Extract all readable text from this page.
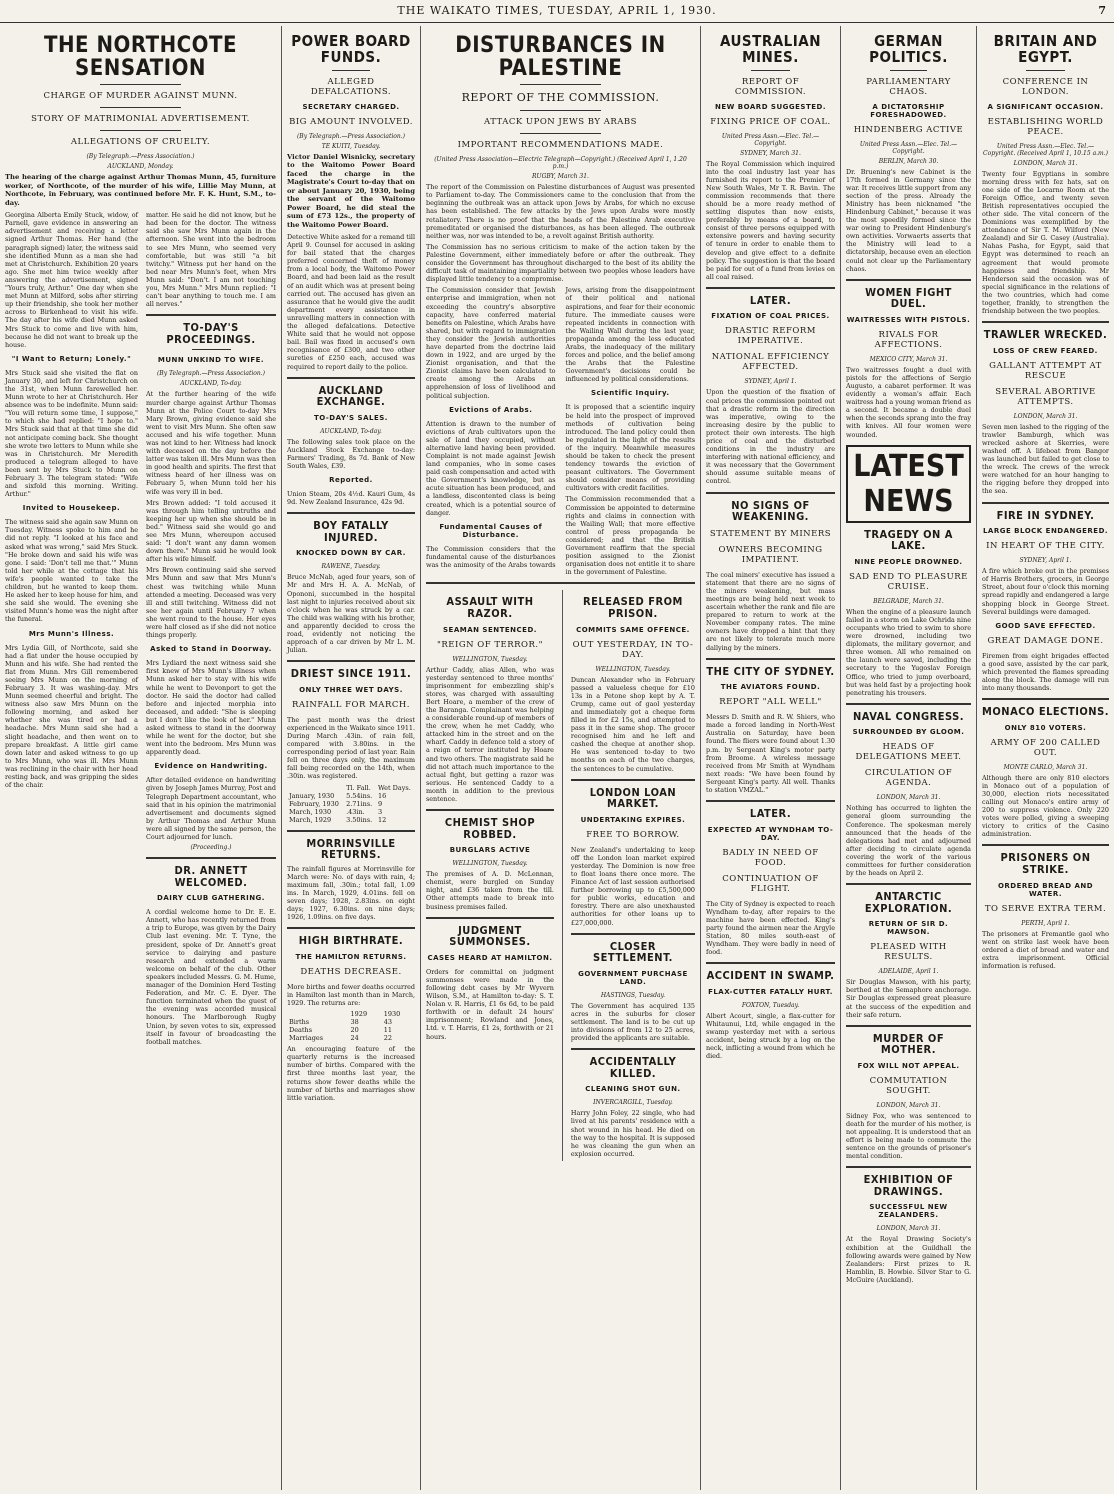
THE WAIKATO TIMES, TUESDAY, APRIL 1, 1930.	7
THE NORTHCOTE SENSATION
CHARGE OF MURDER AGAINST MUNN.
STORY OF MATRIMONIAL ADVERTISEMENT.
ALLEGATIONS OF CRUELTY.
(By Telegraph.—Press Association.)
AUCKLAND, Monday.
The hearing of the charge against Arthur Thomas Munn, 45, furniture worker, of Northcote, of the murder of his wife, Lillie May Munn, at Northcote, in February, was continued before Mr. F. K. Hunt, S.M., to-day.
Georgina Alberta Emily Stuck, widow, of Parnell, gave evidence in answering an advertisement and receiving a letter signed Arthur Thomas. Her hand (the paragraph signed) later, the witness said she identified Munn as a man she had met at Christchurch. Exhibition 20 years ago. She met him twice weekly after answering the advertisement, signed "Yours truly, Arthur." One day when she met Munn at Milford, sobs after stirring up their friendship, she took her mother across to Birkenhead to visit his wife. The day after his wife died Munn asked Mrs Stuck to come and live with him, because he did not want to break up the house.
"I Want to Return; Lonely."
Mrs Stuck said she visited the flat on January 30, and left for Christchurch on the 31st, when Munn farewelled her. Munn wrote to her at Christchurch. Her absence was to be indefinite. Munn said: "You will return some time, I suppose," to which she had replied: "I hope to." Mrs Stuck said that at that time she did not anticipate coming back. She thought she wrote two letters to Munn while she was in Christchurch. Mr Meredith produced a telegram alleged to have been sent by Mrs Stuck to Munn on February 3. The telegram stated: "Wife and sixfold this morning. Writing. Arthur."
Invited to Housekeep.
The witness said she again saw Munn on Tuesday. Witness spoke to him and he did not reply. "I looked at his face and asked what was wrong," said Mrs Stuck. "He broke down and said his wife was gone. I said: 'Don't tell me that.'" Munn told her while at the cottage that his wife's people wanted to take the children, but he wanted to keep them. He asked her to keep house for him, and she said she would. The evening she visited Munn's home was the night after the funeral.
Mrs Munn's Illness.
Mrs Lydia Gill, of Northcote, said she had a flat under the house occupied by Munn and his wife. She had rented the flat from Munn. Mrs Gill remembered seeing Mrs Munn on the morning of February 3. It was washing-day. Mrs Munn seemed cheerful and bright. The witness also saw Mrs Munn on the following morning, and asked her whether she was tired or had a headache. Mrs Munn said she had a slight headache, and then went on to prepare breakfast. A little girl came down later and asked witness to go up to Mrs Munn, who was ill. Mrs Munn was reclining in the chair with her head resting back, and was gripping the sides of the chair.
matter. He said he did not know, but he had been for the doctor. The witness said she saw Mrs Munn again in the afternoon. She went into the bedroom to see Mrs Munn, who seemed very comfortable, but was still "a bit twitchy." Witness put her hand on the bed near Mrs Munn's feet, when Mrs Munn said: "Don't. I am not touching you, Mrs Munn." Mrs Munn replied: "I can't bear anything to touch me. I am all nerves."
TO-DAY'S PROCEEDINGS.
MUNN UNKIND TO WIFE.
(By Telegraph.—Press Association.)
AUCKLAND, To-day.
At the further hearing of the wife murder charge against Arthur Thomas Munn at the Police Court to-day Mrs Mary Brown, giving evidence said she went to visit Mrs Munn. She often saw accused and his wife together. Munn was not kind to her. Witness had knock with deceased on the day before the latter was taken ill. Mrs Munn was then in good health and spirits. The first that witness heard of her illness was on February 5, when Munn told her his wife was very ill in bed.
Mrs Brown added: "I told accused it was through him telling untruths and keeping her up when she should be in bed." Witness said she would go and see Mrs Munn, whereupon accused said: "I don't want any damn women down there." Munn said he would look after his wife himself.
Mrs Brown continuing said she served Mrs Munn and saw that Mrs Munn's chest was twitching while Munn attended a meeting. Deceased was very ill and still twitching. Witness did not see her again until February 7 when she went round to the house. Her eyes were half closed as if she did not notice things properly.
Asked to Stand in Doorway.
Mrs Lydiard the next witness said she first knew of Mrs Munn's illness when Munn asked her to stay with his wife while he went to Devonport to get the doctor. He said the doctor had called before and injected morphia into deceased, and added: "She is sleeping but I don't like the look of her." Munn asked witness to stand in the doorway while he went for the doctor, but she went into the bedroom. Mrs Munn was apparently dead.
Evidence on Handwriting.
After detailed evidence on handwriting given by Joseph James Murray, Post and Telegraph Department accountant, who said that in his opinion the matrimonial advertisement and documents signed by Arthur Thomas and Arthur Munn were all signed by the same person, the Court adjourned for lunch.
(Proceeding.)
DR. ANNETT WELCOMED.
DAIRY CLUB GATHERING.
A cordial welcome home to Dr. E. E. Annett, who has recently returned from a trip to Europe, was given by the Dairy Club last evening. Mr. T. Tyne, the president, spoke of Dr. Annett's great service to dairying and pasture research and extended a warm welcome on behalf of the club. Other speakers included Messrs. G. M. Hume, manager of the Dominion Herd Testing Federation, and Mr. C. E. Dyer. The function terminated when the guest of the evening was accorded musical honours. The Marlborough Rugby Union, by seven votes to six, expressed itself in favour of broadcasting the football matches.
POWER BOARD FUNDS.
ALLEGED DEFALCATIONS.
SECRETARY CHARGED.
BIG AMOUNT INVOLVED.
(By Telegraph.—Press Association.)
TE KUITI, Tuesday.
Victor Daniel Wisnicky, secretary to the Waitomo Power Board faced the charge in the Magistrate's Court to-day that on or about January 20, 1930, being the servant of the Waitomo Power Board, he did steal the sum of £73 12s., the property of the Waitomo Power Board.
Detective White asked for a remand till April 9. Counsel for accused in asking for bail stated that the charges preferred concerned theft of money from a local body, the Waitomo Power Board, and had been laid as the result of an audit which was at present being carried out. The accused has given an assurance that he would give the audit department every assistance in unravelling matters in connection with the alleged defalcations. Detective White said that he would not oppose bail. Bail was fixed in accused's own recognisance of £300, and two other sureties of £250 each, accused was required to report daily to the police.
AUCKLAND EXCHANGE.
TO-DAY'S SALES.
AUCKLAND, To-day.
The following sales took place on the Auckland Stock Exchange to-day: Farmers' Trading, 8s 7d. Bank of New South Wales, £39.
Reported.
Union Steam, 20s 4½d. Kauri Gum, 4s 9d. New Zealand Insurance, 42s 9d.
BOY FATALLY INJURED.
KNOCKED DOWN BY CAR.
RAWENE, Tuesday.
Bruce McNab, aged four years, son of Mr and Mrs H. A. A. McNab, of Opononi, succumbed in the hospital last night to injuries received about six o'clock when he was struck by a car. The child was walking with his brother, and apparently decided to cross the road, evidently not noticing the approach of a car driven by Mr L. M. Julian.
DRIEST SINCE 1911.
ONLY THREE WET DAYS.
RAINFALL FOR MARCH.
The past month was the driest experienced in the Waikato since 1911. During March .43in. of rain fell, compared with 3.80ins. in the corresponding period of last year. Rain fell on three days only, the maximum fall being recorded on the 14th, when .30in. was registered.
	Tl. Fall.	Wet Days.
January, 1930	5.54ins.	16
February, 1930	2.71ins.	9
March, 1930	.43in.	3
March, 1929	3.50ins.	12
MORRINSVILLE RETURNS.
The rainfall figures at Morrinsville for March were: No. of days with rain, 4; maximum fall, .30in.; total fall, 1.09 ins. In March, 1929, 4.01ins. fell on seven days; 1928, 2.83ins. on eight days; 1927, 6.30ins. on nine days; 1926, 1.09ins. on five days.
HIGH BIRTHRATE.
THE HAMILTON RETURNS.
DEATHS DECREASE.
More births and fewer deaths occurred in Hamilton last month than in March, 1929. The returns are:
	1929	1930
Births	38	43
Deaths	20	11
Marriages	24	22
An encouraging feature of the quarterly returns is the increased number of births. Compared with the first three months last year, the returns show fewer deaths while the number of births and marriages show little variation.
DISTURBANCES IN PALESTINE
REPORT OF THE COMMISSION.
ATTACK UPON JEWS BY ARABS
IMPORTANT RECOMMENDATIONS MADE.
(United Press Association—Electric Telegraph—Copyright.) (Received April 1, 1.20 p.m.)
RUGBY, March 31.
The report of the Commission on Palestine disturbances of August was presented to Parliament to-day. The Commissioners came to the conclusion that from the beginning the outbreak was an attack upon Jews by Arabs, for which no excuse has been established. The few attacks by the Jews upon Arabs were mostly retaliatory. There is no proof that the heads of the Palestine Arab executive premeditated or organised the disturbances, as has been alleged. The outbreak neither was, nor was intended to be, a revolt against British authority.
The Commission has no serious criticism to make of the action taken by the Palestine Government, either immediately before or after the outbreak. They consider the Government has throughout discharged to the best of its ability the difficult task of maintaining impartiality between two peoples whose leaders have displayed little tendency to a compromise.
The Commission consider that Jewish enterprise and immigration, when not exceeding the country's absorptive capacity, have conferred material benefits on Palestine, which Arabs have shared, but with regard to immigration they consider the Jewish authorities have departed from the doctrine laid down in 1922, and are urged by the Zionist organisation, and that the Zionist claims have been calculated to create among the Arabs an apprehension of loss of livelihood and political subjection.
Evictions of Arabs.
Attention is drawn to the number of evictions of Arab cultivators upon the sale of land they occupied, without alternative land having been provided. Complaint is not made against Jewish land companies, who in some cases paid cash compensation and acted with the Government's knowledge, but as acute situation has been produced, and a landless, discontented class is being created, which is a potential source of danger.
Fundamental Causes of Disturbance.
The Commission considers that the fundamental cause of the disturbances was the animosity of the Arabs towards Jews, arising from the disappointment of their political and national aspirations, and fear for their economic future. The immediate causes were repeated incidents in connection with the Wailing Wall during the last year, propaganda among the less educated Arabs, the inadequacy of the military forces and police, and the belief among the Arabs that the Palestine Government's decisions could be influenced by political considerations.
Scientific Inquiry.
It is proposed that a scientific inquiry be held into the prospect of improved methods of cultivation being introduced. The land policy could then be regulated in the light of the results of the inquiry. Meanwhile measures should be taken to check the present tendency towards the eviction of peasant cultivators. The Government should consider means of providing cultivators with credit facilities.
The Commission recommended that a Commission be appointed to determine rights and claims in connection with the Wailing Wall; that more effective control of press propaganda be considered; and that the British Government reaffirm that the special position assigned to the Zionist organisation does not entitle it to share in the government of Palestine.
ASSAULT WITH RAZOR.
SEAMAN SENTENCED.
"REIGN OF TERROR."
WELLINGTON, Tuesday.
Arthur Caddy, alias Allen, who was yesterday sentenced to three months' imprisonment for embezzling ship's stores, was charged with assaulting Bert Hoare, a member of the crew of the Baranga. Complainant was helping a considerable round-up of members of the crew, when he met Caddy, who attacked him in the street and on the wharf. Caddy in defence told a story of a reign of terror instituted by Hoare and two others. The magistrate said he did not attach much importance to the actual fight, but getting a razor was serious. He sentenced Caddy to a month in addition to the previous sentence.
CHEMIST SHOP ROBBED.
BURGLARS ACTIVE
WELLINGTON, Tuesday.
The premises of A. D. McLennan, chemist, were burgled on Sunday night, and £36 taken from the till. Other attempts made to break into business premises failed.
JUDGMENT SUMMONSES.
CASES HEARD AT HAMILTON.
Orders for committal on judgment summonses were made in the following debt cases by Mr Wyvern Wilson, S.M., at Hamilton to-day: S. T. Nolan v. R. Harris, £1 6s 6d, to be paid forthwith or in default 24 hours' imprisonment; Rowland and Jones, Ltd. v. T. Harris, £1 2s, forthwith or 21 hours.
RELEASED FROM PRISON.
COMMITS SAME OFFENCE.
OUT YESTERDAY, IN TO-DAY.
WELLINGTON, Tuesday.
Duncan Alexander who in February passed a valueless cheque for £10 13s in a Petone shop kept by A. T. Crump, came out of gaol yesterday and immediately got a cheque form filled in for £2 15s, and attempted to pass it in the same shop. The grocer recognised him and he left and cashed the cheque at another shop. He was sentenced to-day to two months on each of the two charges, the sentences to be cumulative.
LONDON LOAN MARKET.
UNDERTAKING EXPIRES.
FREE TO BORROW.
New Zealand's undertaking to keep off the London loan market expired yesterday. The Dominion is now free to float loans there once more. The Finance Act of last session authorised further borrowing up to £5,500,000 for public works, education and forestry. There are also unexhausted authorities for other loans up to £27,000,000.
CLOSER SETTLEMENT.
GOVERNMENT PURCHASE LAND.
HASTINGS, Tuesday.
The Government has acquired 135 acres in the suburbs for closer settlement. The land is to be cut up into divisions of from 12 to 25 acres, provided the applicants are suitable.
ACCIDENTALLY KILLED.
CLEANING SHOT GUN.
INVERCARGILL, Tuesday.
Harry John Foley, 22 single, who had lived at his parents' residence with a shot wound in his head. He died on the way to the hospital. It is supposed he was cleaning the gun when an explosion occurred.
AUSTRALIAN MINES.
REPORT OF COMMISSION.
NEW BOARD SUGGESTED.
FIXING PRICE OF COAL.
United Press Assn.—Elec. Tel.—Copyright.
SYDNEY, March 31.
The Royal Commission which inquired into the coal industry last year has furnished its report to the Premier of New South Wales, Mr T. R. Bavin. The commission recommends that there should be a more ready method of settling disputes than now exists, preferably by means of a board, to consist of three persons equipped with extensive powers and having security of tenure in order to enable them to develop and give effect to a definite policy. The suggestion is that the board be paid for out of a fund from levies on all coal raised.
LATER.
FIXATION OF COAL PRICES.
DRASTIC REFORM IMPERATIVE.
NATIONAL EFFICIENCY AFFECTED.
SYDNEY, April 1.
Upon the question of the fixation of coal prices the commission pointed out that a drastic reform in the direction was imperative, owing to the increasing desire by the public to protect their own interests. The high price of coal and the disturbed conditions in the industry are interfering with national efficiency, and it was necessary that the Government should assume suitable means of control.
NO SIGNS OF WEAKENING.
STATEMENT BY MINERS
OWNERS BECOMING IMPATIENT.
The coal miners' executive has issued a statement that there are no signs of the miners weakening, but mass meetings are being held next week to ascertain whether the rank and file are prepared to return to work at the November company rates. The mine owners have dropped a hint that they are not likely to tolerate much more dallying by the miners.
THE CITY OF SYDNEY.
THE AVIATORS FOUND.
REPORT "ALL WELL"
Messrs D. Smith and R. W. Shiers, who made a forced landing in North-West Australia on Saturday, have been found. The fliers were found about 1.30 p.m. by Sergeant King's motor party from Broome. A wireless message received from Mr Smith at Wyndham next reads: "We have been found by Sergeant King's party. All well. Thanks to station VMZAL."
LATER.
EXPECTED AT WYNDHAM TO-DAY.
BADLY IN NEED OF FOOD.
CONTINUATION OF FLIGHT.
The City of Sydney is expected to reach Wyndham to-day, after repairs to the machine have been effected. King's party found the airmen near the Argyle Station, 80 miles south-east of Wyndham. They were badly in need of food.
ACCIDENT IN SWAMP.
FLAX-CUTTER FATALLY HURT.
FOXTON, Tuesday.
Albert Acourt, single, a flax-cutter for Whitaunui, Ltd, while engaged in the swamp yesterday met with a serious accident, being struck by a log on the neck, inflicting a wound from which he died.
GERMAN POLITICS.
PARLIAMENTARY CHAOS.
A DICTATORSHIP FORESHADOWED.
HINDENBERG ACTIVE
United Press Assn.—Elec. Tel.—Copyright.
BERLIN, March 30.
Dr. Bruening's new Cabinet is the 17th formed in Germany since the war. It receives little support from any section of the press. Already the Ministry has been nicknamed "the Hindenburg Cabinet," because it was the most speedily formed since the war owing to President Hindenburg's own activities. Vorwaerts asserts that the Ministry will lead to a dictatorship, because even an election could not clear up the Parliamentary chaos.
WOMEN FIGHT DUEL.
WAITRESSES WITH PISTOLS.
RIVALS FOR AFFECTIONS.
MEXICO CITY, March 31.
Two waitresses fought a duel with pistols for the affections of Sergio Augusto, a cabaret performer. It was evidently a woman's affair. Each waitress had a young woman friend as a second. It became a double duel when the seconds sprang into the fray with knives. All four women were wounded.
LATEST NEWS
TRAGEDY ON A LAKE.
NINE PEOPLE DROWNED.
SAD END TO PLEASURE CRUISE.
BELGRADE, March 31.
When the engine of a pleasure launch failed in a storm on Lake Ochrida nine occupants who tried to swim to shore were drowned, including two diplomats, the military governor, and three women. All who remained on the launch were saved, including the secretary to the Yugoslav Foreign Office, who tried to jump overboard, but was held fast by a projecting hook penetrating his trousers.
NAVAL CONGRESS.
SURROUNDED BY GLOOM.
HEADS OF DELEGATIONS MEET.
CIRCULATION OF AGENDA.
LONDON, March 31.
Nothing has occurred to lighten the general gloom surrounding the Conference. The spokesman merely announced that the heads of the delegations had met and adjourned after deciding to circulate agenda covering the work of the various committees for further consideration by the heads on April 2.
ANTARCTIC EXPLORATION.
RETURN OF SIR D. MAWSON.
PLEASED WITH RESULTS.
ADELAIDE, April 1.
Sir Douglas Mawson, with his party, berthed at the Semaphore anchorage. Sir Douglas expressed great pleasure at the success of the expedition and their safe return.
MURDER OF MOTHER.
FOX WILL NOT APPEAL.
COMMUTATION SOUGHT.
LONDON, March 31.
Sidney Fox, who was sentenced to death for the murder of his mother, is not appealing. It is understood that an effort is being made to commute the sentence on the grounds of prisoner's mental condition.
EXHIBITION OF DRAWINGS.
SUCCESSFUL NEW ZEALANDERS.
LONDON, March 31.
At the Royal Drawing Society's exhibition at the Guildhall the following awards were gained by New Zealanders: First prizes to R. Hamblin, B. Howbie. Silver Star to G. McGuire (Auckland).
BRITAIN AND EGYPT.
CONFERENCE IN LONDON.
A SIGNIFICANT OCCASION.
ESTABLISHING WORLD PEACE.
United Press Assn.—Elec. Tel.—Copyright. (Received April 1, 10.15 a.m.)
LONDON, March 31.
Twenty four Egyptians in sombre morning dress with fez hats, sat on one side of the Locarno Room at the Foreign Office, and twenty seven British representatives occupied the other side. The vital concern of the Dominions was exemplified by the attendance of Sir T. M. Wilford (New Zealand) and Sir G. Casey (Australia). Nahas Pasha, for Egypt, said that Egypt was determined to reach an agreement that would promote happiness and friendship. Mr Henderson said the occasion was of special significance in the relations of the two countries, which had come together, frankly, to strengthen the friendship between the two peoples.
TRAWLER WRECKED.
LOSS OF CREW FEARED.
GALLANT ATTEMPT AT RESCUE
SEVERAL ABORTIVE ATTEMPTS.
LONDON, March 31.
Seven men lashed to the rigging of the trawler Bamburgh, which was wrecked ashore at Skerries, were washed off. A lifeboat from Bangor was launched but failed to get close to the wreck. The crews of the wreck were watched for an hour hanging to the rigging before they dropped into the sea.
FIRE IN SYDNEY.
LARGE BLOCK ENDANGERED.
IN HEART OF THE CITY.
SYDNEY, April 1.
A fire which broke out in the premises of Harris Brothers, grocers, in George Street, about four o'clock this morning spread rapidly and endangered a large shopping block in George Street. Several buildings were damaged.
GOOD SAVE EFFECTED.
GREAT DAMAGE DONE.
Firemen from eight brigades effected a good save, assisted by the car park, which prevented the flames spreading along the block. The damage will run into many thousands.
MONACO ELECTIONS.
ONLY 810 VOTERS.
ARMY OF 200 CALLED OUT.
MONTE CARLO, March 31.
Although there are only 810 electors in Monaco out of a population of 30,000, election riots necessitated calling out Monaco's entire army of 200 to suppress violence. Only 220 votes were polled, giving a sweeping victory to critics of the Casino administration.
PRISONERS ON STRIKE.
ORDERED BREAD AND WATER.
TO SERVE EXTRA TERM.
PERTH, April 1.
The prisoners at Fremantle gaol who went on strike last week have been ordered a diet of bread and water and extra imprisonment. Official information is refused.
